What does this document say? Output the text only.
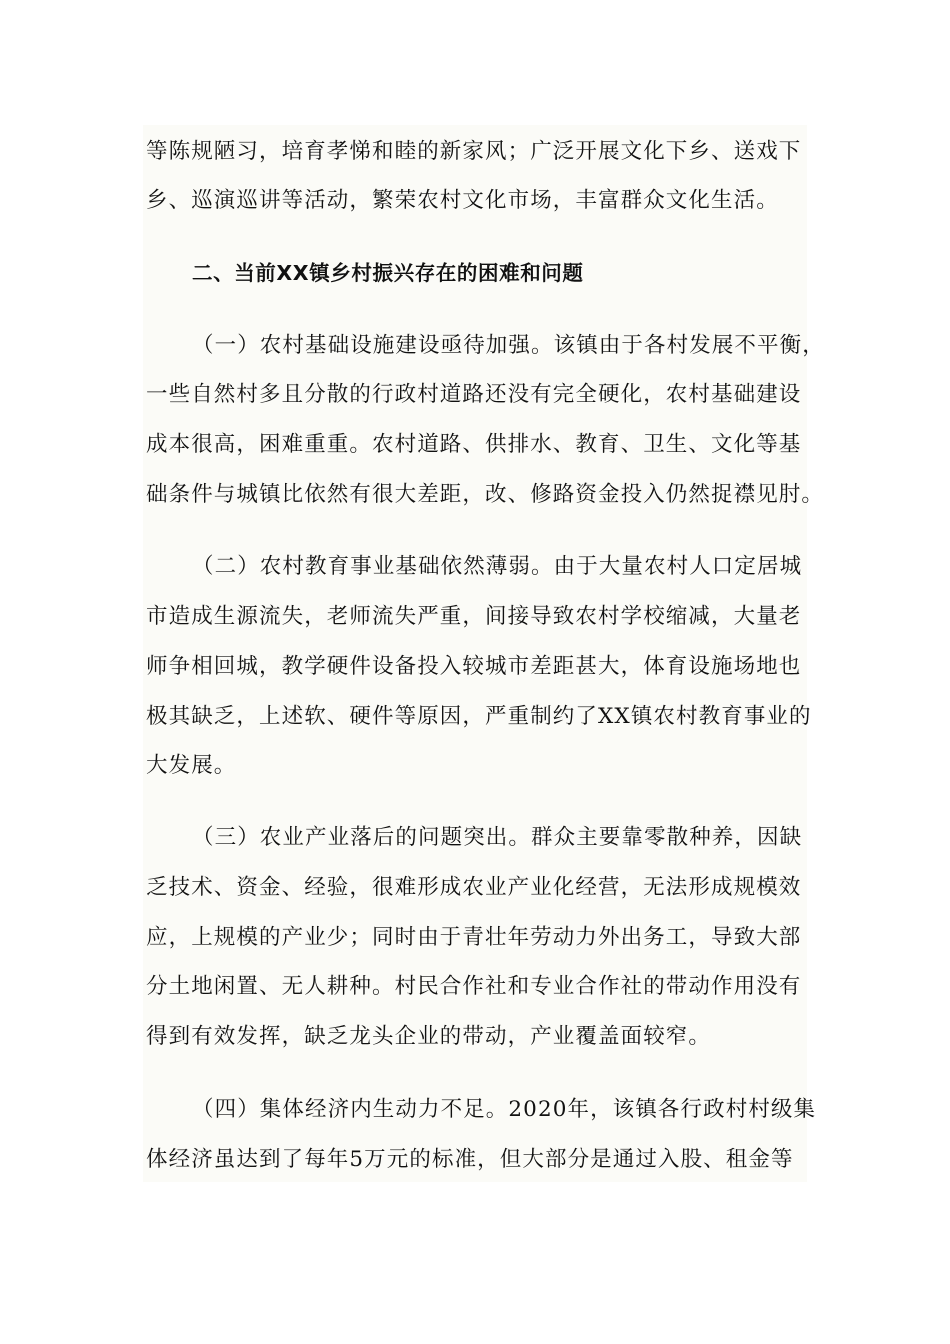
等陈规陋习，培育孝悌和睦的新家风；广泛开展文化下乡、送戏下
乡、巡演巡讲等活动，繁荣农村文化市场，丰富群众文化生活。
二、当前XX镇乡村振兴存在的困难和问题
（一）农村基础设施建设亟待加强。该镇由于各村发展不平衡，
一些自然村多且分散的行政村道路还没有完全硬化，农村基础建设
成本很高，困难重重。农村道路、供排水、教育、卫生、文化等基
础条件与城镇比依然有很大差距，改、修路资金投入仍然捉襟见肘。
（二）农村教育事业基础依然薄弱。由于大量农村人口定居城
市造成生源流失，老师流失严重，间接导致农村学校缩减，大量老
师争相回城，教学硬件设备投入较城市差距甚大，体育设施场地也
极其缺乏，上述软、硬件等原因，严重制约了XX镇农村教育事业的
大发展。
（三）农业产业落后的问题突出。群众主要靠零散种养，因缺
乏技术、资金、经验，很难形成农业产业化经营，无法形成规模效
应，上规模的产业少；同时由于青壮年劳动力外出务工，导致大部
分土地闲置、无人耕种。村民合作社和专业合作社的带动作用没有
得到有效发挥，缺乏龙头企业的带动，产业覆盖面较窄。
（四）集体经济内生动力不足。2020年，该镇各行政村村级集
体经济虽达到了每年5万元的标准，但大部分是通过入股、租金等
